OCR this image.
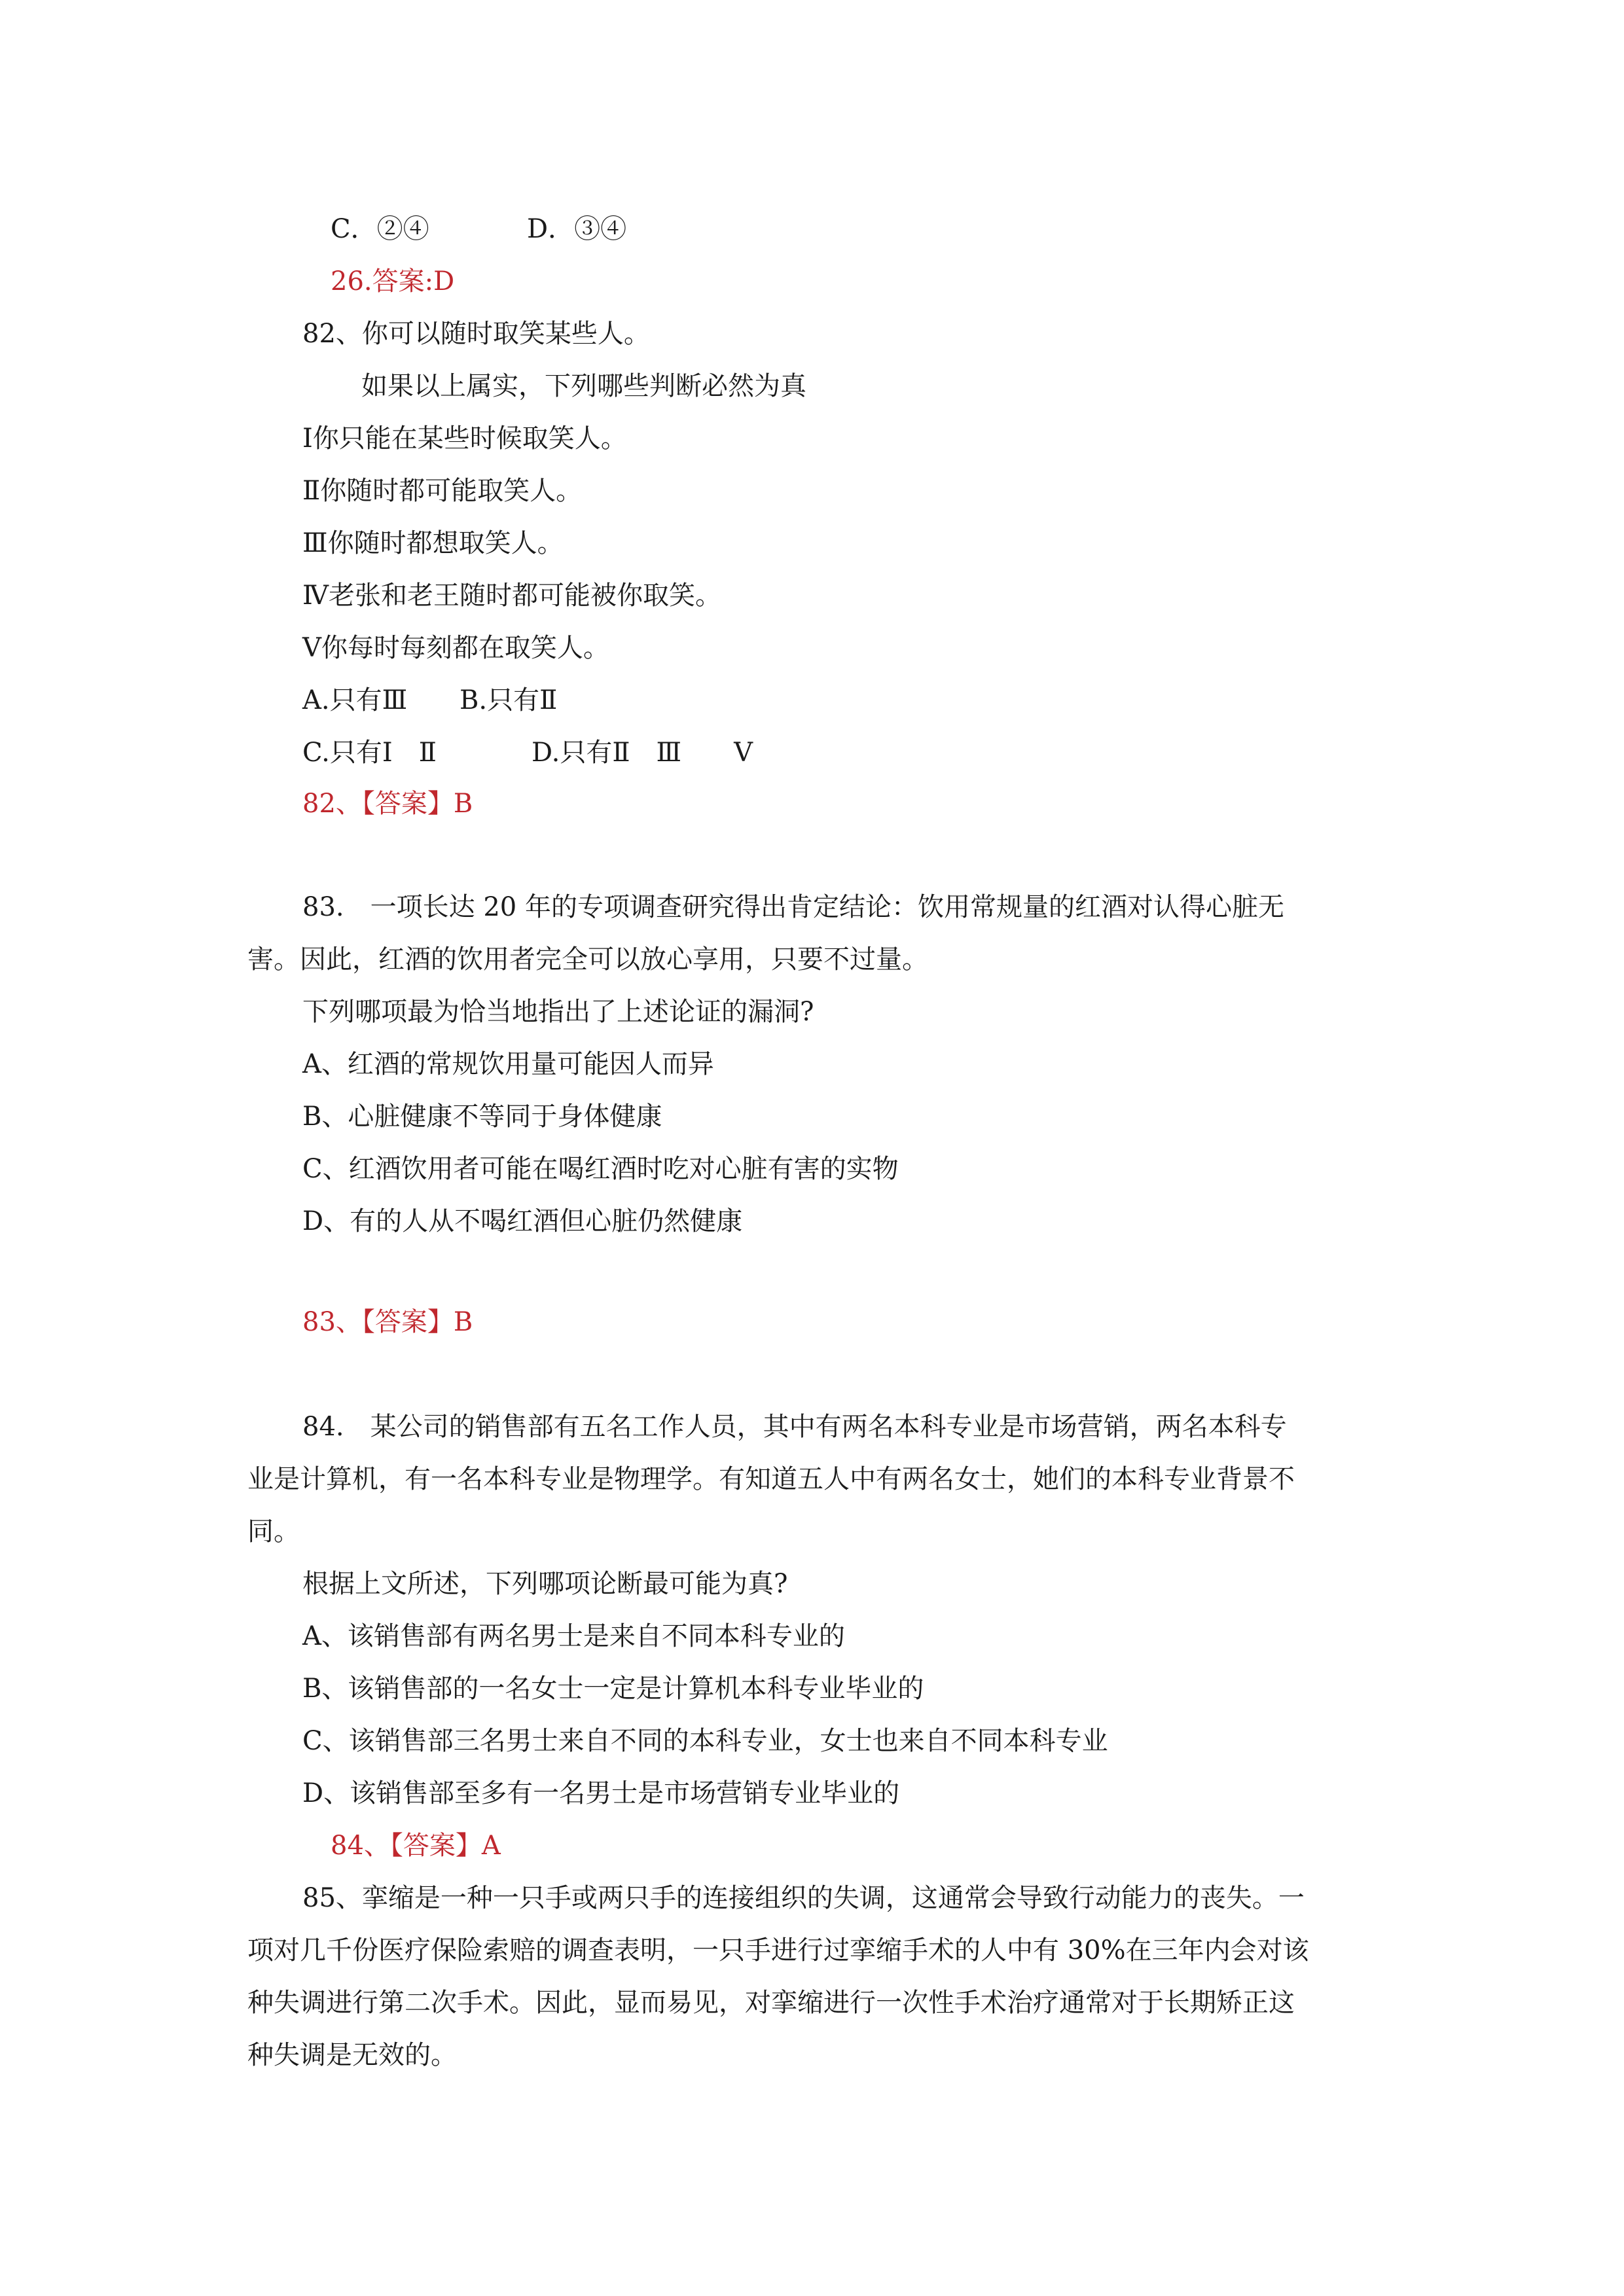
C．②④	D．③④
26.答案:D
82、你可以随时取笑某些人。
如果以上属实，下列哪些判断必然为真
Ⅰ你只能在某些时候取笑人。
Ⅱ你随时都可能取笑人。
Ⅲ你随时都想取笑人。
Ⅳ老张和老王随时都可能被你取笑。
Ⅴ你每时每刻都在取笑人。
A.只有Ⅲ B.只有Ⅱ
C.只有Ⅰ　Ⅱ	D.只有Ⅱ　Ⅲ　　Ⅴ
82、【答案】B
83.　一项长达 20 年的专项调查研究得出肯定结论：饮用常规量的红酒对认得心脏无
害。因此，红酒的饮用者完全可以放心享用，只要不过量。
下列哪项最为恰当地指出了上述论证的漏洞?
A、红酒的常规饮用量可能因人而异
B、心脏健康不等同于身体健康
C、红酒饮用者可能在喝红酒时吃对心脏有害的实物
D、有的人从不喝红酒但心脏仍然健康
83、【答案】B
84.　某公司的销售部有五名工作人员，其中有两名本科专业是市场营销，两名本科专
业是计算机，有一名本科专业是物理学。有知道五人中有两名女士，她们的本科专业背景不
同。
根据上文所述，下列哪项论断最可能为真?
A、该销售部有两名男士是来自不同本科专业的
B、该销售部的一名女士一定是计算机本科专业毕业的
C、该销售部三名男士来自不同的本科专业，女士也来自不同本科专业
D、该销售部至多有一名男士是市场营销专业毕业的
84、【答案】A
85、挛缩是一种一只手或两只手的连接组织的失调，这通常会导致行动能力的丧失。一
项对几千份医疗保险索赔的调查表明，一只手进行过挛缩手术的人中有 30%在三年内会对该
种失调进行第二次手术。因此，显而易见，对挛缩进行一次性手术治疗通常对于长期矫正这
种失调是无效的。
